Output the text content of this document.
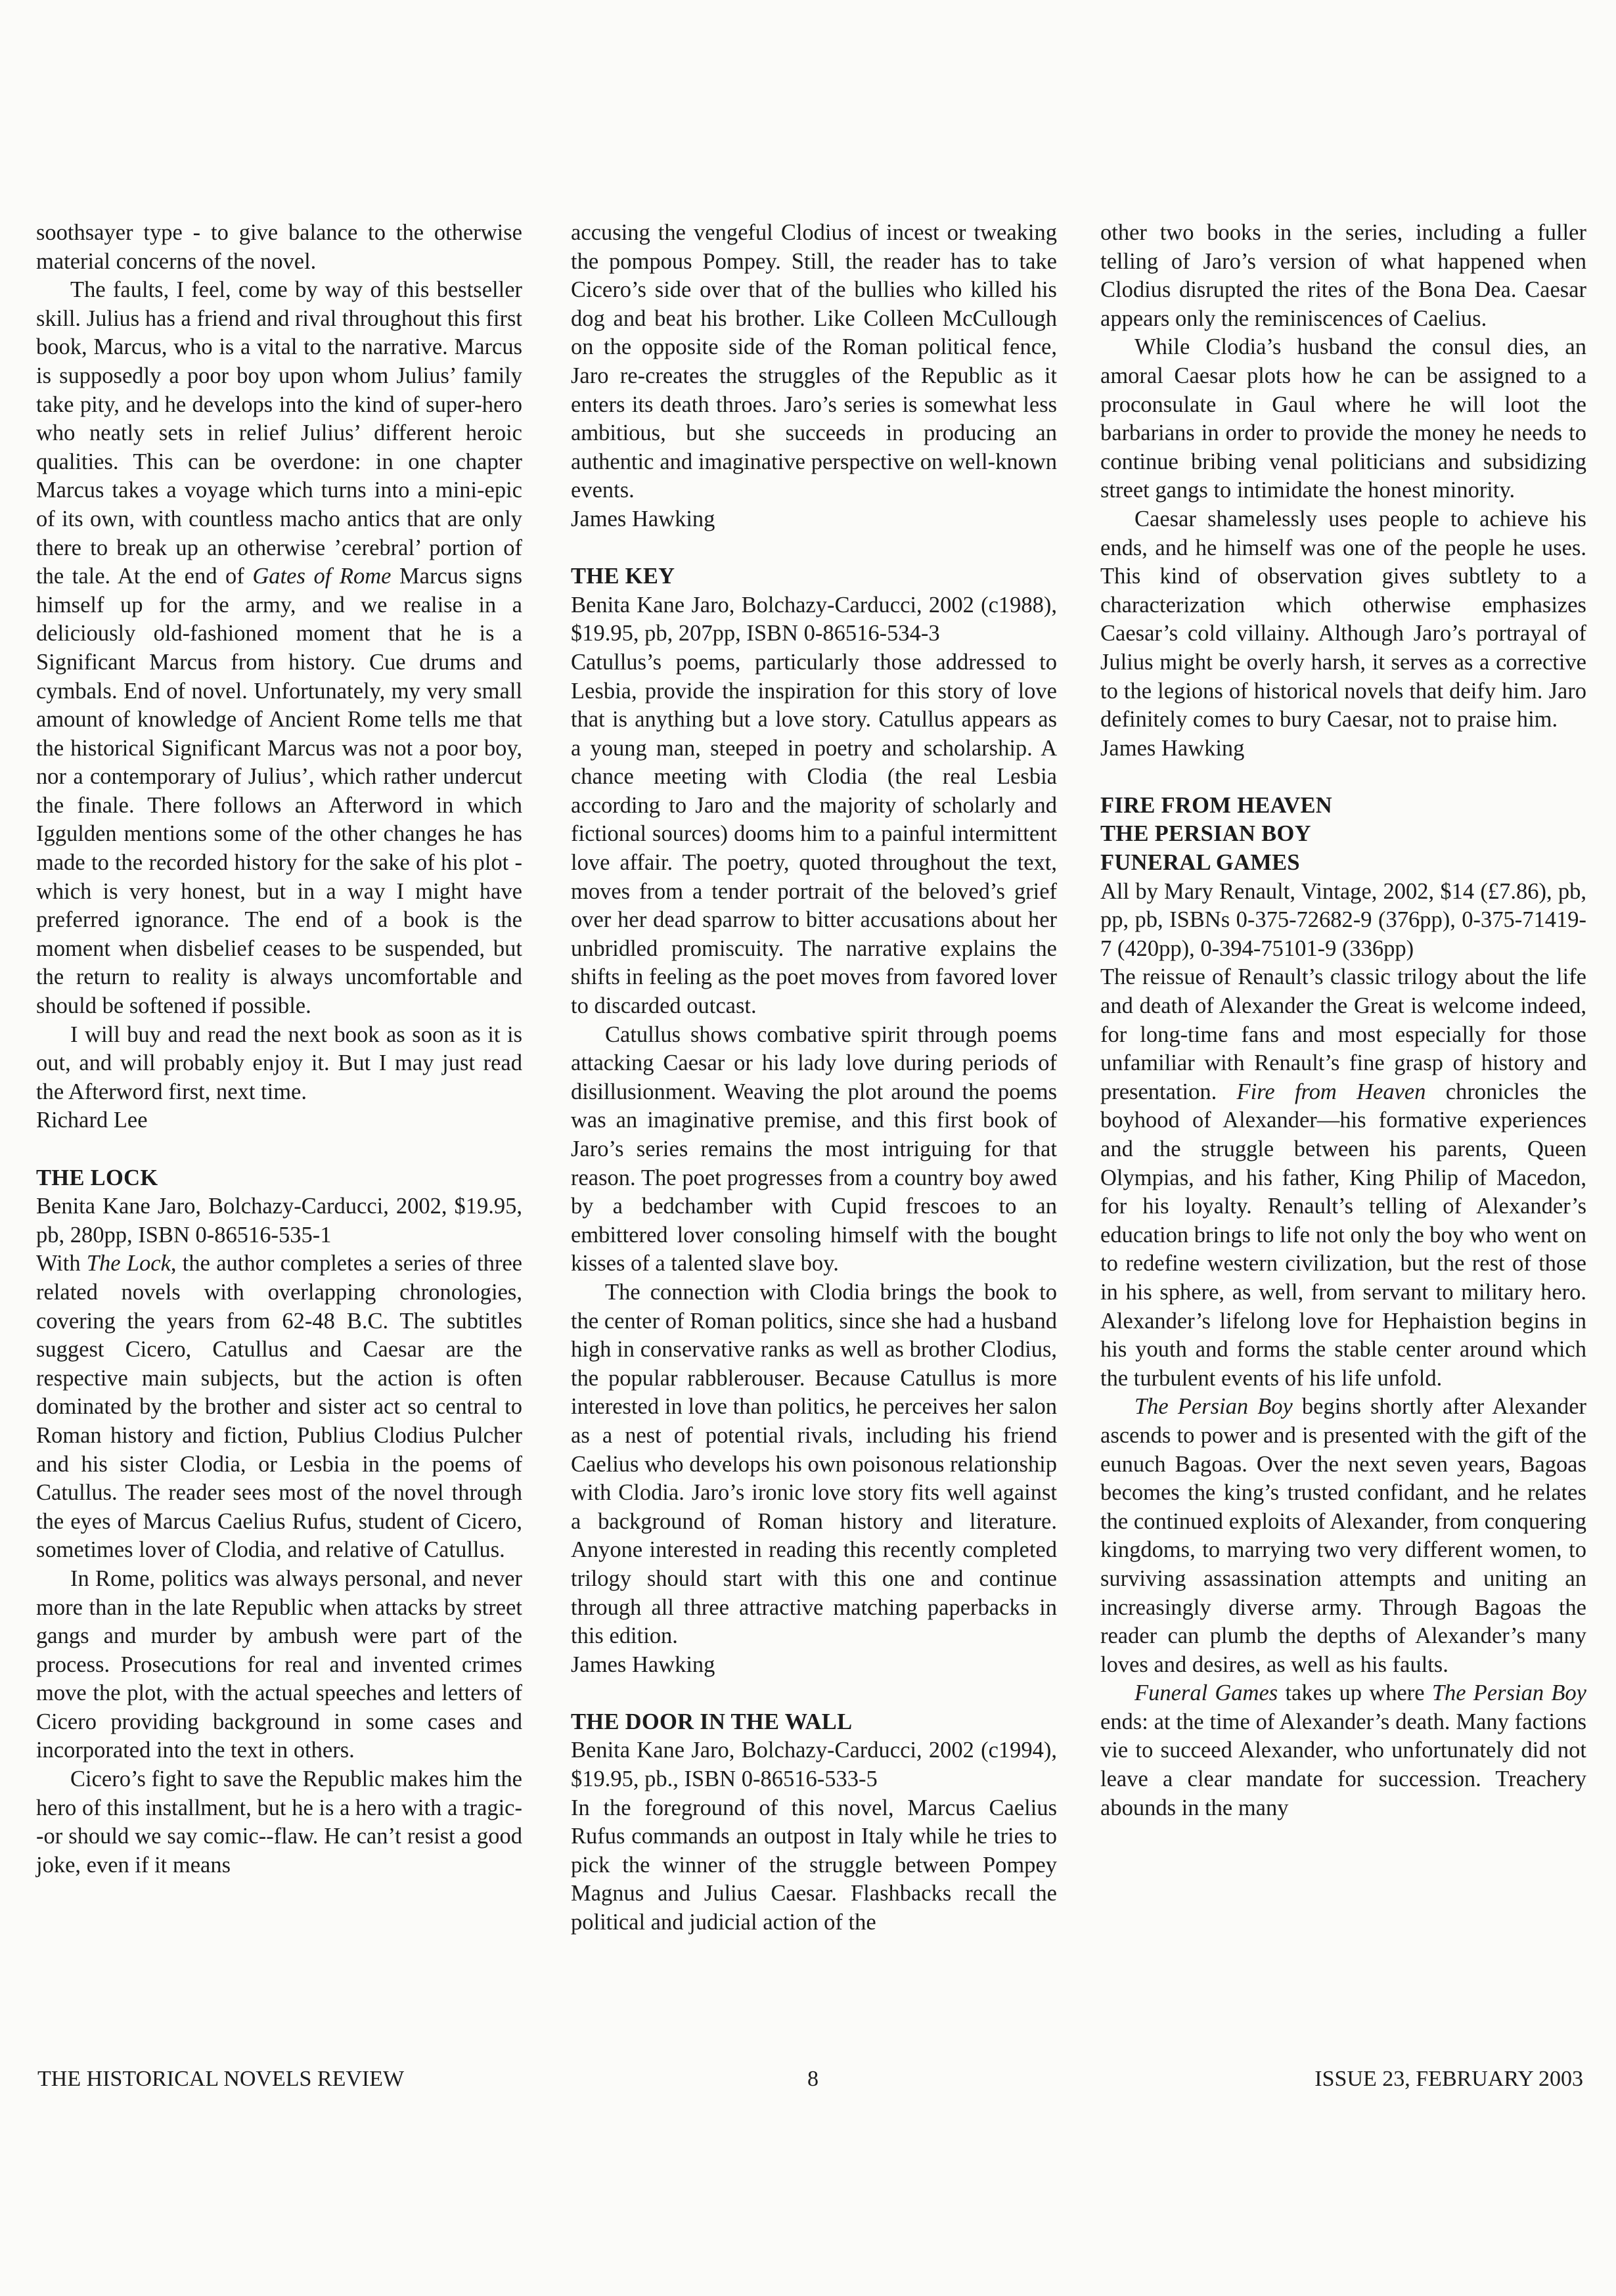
soothsayer type - to give balance to the otherwise material concerns of the novel.

The faults, I feel, come by way of this bestseller skill. Julius has a friend and rival throughout this first book, Marcus, who is a vital to the narrative. Marcus is supposedly a poor boy upon whom Julius’ family take pity, and he develops into the kind of super-hero who neatly sets in relief Julius’ different heroic qualities. This can be overdone: in one chapter Marcus takes a voyage which turns into a mini-epic of its own, with countless macho antics that are only there to break up an otherwise ’cerebral’ portion of the tale. At the end of Gates of Rome Marcus signs himself up for the army, and we realise in a deliciously old-fashioned moment that he is a Significant Marcus from history. Cue drums and cymbals. End of novel. Unfortunately, my very small amount of knowledge of Ancient Rome tells me that the historical Significant Marcus was not a poor boy, nor a contemporary of Julius’, which rather undercut the finale. There follows an Afterword in which Iggulden mentions some of the other changes he has made to the recorded history for the sake of his plot - which is very honest, but in a way I might have preferred ignorance. The end of a book is the moment when disbelief ceases to be suspended, but the return to reality is always uncomfortable and should be softened if possible.

I will buy and read the next book as soon as it is out, and will probably enjoy it. But I may just read the Afterword first, next time.

Richard Lee

THE LOCK

Benita Kane Jaro, Bolchazy-Carducci, 2002, $19.95, pb, 280pp, ISBN 0-86516-535-1

With The Lock, the author completes a series of three related novels with overlapping chronologies, covering the years from 62-48 B.C. The subtitles suggest Cicero, Catullus and Caesar are the respective main subjects, but the action is often dominated by the brother and sister act so central to Roman history and fiction, Publius Clodius Pulcher and his sister Clodia, or Lesbia in the poems of Catullus. The reader sees most of the novel through the eyes of Marcus Caelius Rufus, student of Cicero, sometimes lover of Clodia, and relative of Catullus.

In Rome, politics was always personal, and never more than in the late Republic when attacks by street gangs and murder by ambush were part of the process. Prosecutions for real and invented crimes move the plot, with the actual speeches and letters of Cicero providing background in some cases and incorporated into the text in others.

Cicero’s fight to save the Republic makes him the hero of this installment, but he is a hero with a tragic--or should we say comic--flaw. He can’t resist a good joke, even if it means

accusing the vengeful Clodius of incest or tweaking the pompous Pompey. Still, the reader has to take Cicero’s side over that of the bullies who killed his dog and beat his brother. Like Colleen McCullough on the opposite side of the Roman political fence, Jaro re-creates the struggles of the Republic as it enters its death throes. Jaro’s series is somewhat less ambitious, but she succeeds in producing an authentic and imaginative perspective on well-known events.

James Hawking

THE KEY

Benita Kane Jaro, Bolchazy-Carducci, 2002 (c1988), $19.95, pb, 207pp, ISBN 0-86516-534-3

Catullus’s poems, particularly those addressed to Lesbia, provide the inspiration for this story of love that is anything but a love story. Catullus appears as a young man, steeped in poetry and scholarship. A chance meeting with Clodia (the real Lesbia according to Jaro and the majority of scholarly and fictional sources) dooms him to a painful intermittent love affair. The poetry, quoted throughout the text, moves from a tender portrait of the beloved’s grief over her dead sparrow to bitter accusations about her unbridled promiscuity. The narrative explains the shifts in feeling as the poet moves from favored lover to discarded outcast.

Catullus shows combative spirit through poems attacking Caesar or his lady love during periods of disillusionment. Weaving the plot around the poems was an imaginative premise, and this first book of Jaro’s series remains the most intriguing for that reason. The poet progresses from a country boy awed by a bedchamber with Cupid frescoes to an embittered lover consoling himself with the bought kisses of a talented slave boy.

The connection with Clodia brings the book to the center of Roman politics, since she had a husband high in conservative ranks as well as brother Clodius, the popular rabblerouser. Because Catullus is more interested in love than politics, he perceives her salon as a nest of potential rivals, including his friend Caelius who develops his own poisonous relationship with Clodia. Jaro’s ironic love story fits well against a background of Roman history and literature. Anyone interested in reading this recently completed trilogy should start with this one and continue through all three attractive matching paperbacks in this edition.

James Hawking

THE DOOR IN THE WALL

Benita Kane Jaro, Bolchazy-Carducci, 2002 (c1994), $19.95, pb., ISBN 0-86516-533-5

In the foreground of this novel, Marcus Caelius Rufus commands an outpost in Italy while he tries to pick the winner of the struggle between Pompey Magnus and Julius Caesar. Flashbacks recall the political and judicial action of the

other two books in the series, including a fuller telling of Jaro’s version of what happened when Clodius disrupted the rites of the Bona Dea. Caesar appears only the reminiscences of Caelius.

While Clodia’s husband the consul dies, an amoral Caesar plots how he can be assigned to a proconsulate in Gaul where he will loot the barbarians in order to provide the money he needs to continue bribing venal politicians and subsidizing street gangs to intimidate the honest minority.

Caesar shamelessly uses people to achieve his ends, and he himself was one of the people he uses. This kind of observation gives subtlety to a characterization which otherwise emphasizes Caesar’s cold villainy. Although Jaro’s portrayal of Julius might be overly harsh, it serves as a corrective to the legions of historical novels that deify him. Jaro definitely comes to bury Caesar, not to praise him.

James Hawking

FIRE FROM HEAVEN
THE PERSIAN BOY
FUNERAL GAMES

All by Mary Renault, Vintage, 2002, $14 (£7.86), pb, pp, pb, ISBNs 0-375-72682-9 (376pp), 0-375-71419-7 (420pp), 0-394-75101-9 (336pp)

The reissue of Renault’s classic trilogy about the life and death of Alexander the Great is welcome indeed, for long-time fans and most especially for those unfamiliar with Renault’s fine grasp of history and presentation. Fire from Heaven chronicles the boyhood of Alexander—his formative experiences and the struggle between his parents, Queen Olympias, and his father, King Philip of Macedon, for his loyalty. Renault’s telling of Alexander’s education brings to life not only the boy who went on to redefine western civilization, but the rest of those in his sphere, as well, from servant to military hero. Alexander’s lifelong love for Hephaistion begins in his youth and forms the stable center around which the turbulent events of his life unfold.

The Persian Boy begins shortly after Alexander ascends to power and is presented with the gift of the eunuch Bagoas. Over the next seven years, Bagoas becomes the king’s trusted confidant, and he relates the continued exploits of Alexander, from conquering kingdoms, to marrying two very different women, to surviving assassination attempts and uniting an increasingly diverse army. Through Bagoas the reader can plumb the depths of Alexander’s many loves and desires, as well as his faults.

Funeral Games takes up where The Persian Boy ends: at the time of Alexander’s death. Many factions vie to succeed Alexander, who unfortunately did not leave a clear mandate for succession. Treachery abounds in the many

THE HISTORICAL NOVELS REVIEW	8	ISSUE 23, FEBRUARY 2003
